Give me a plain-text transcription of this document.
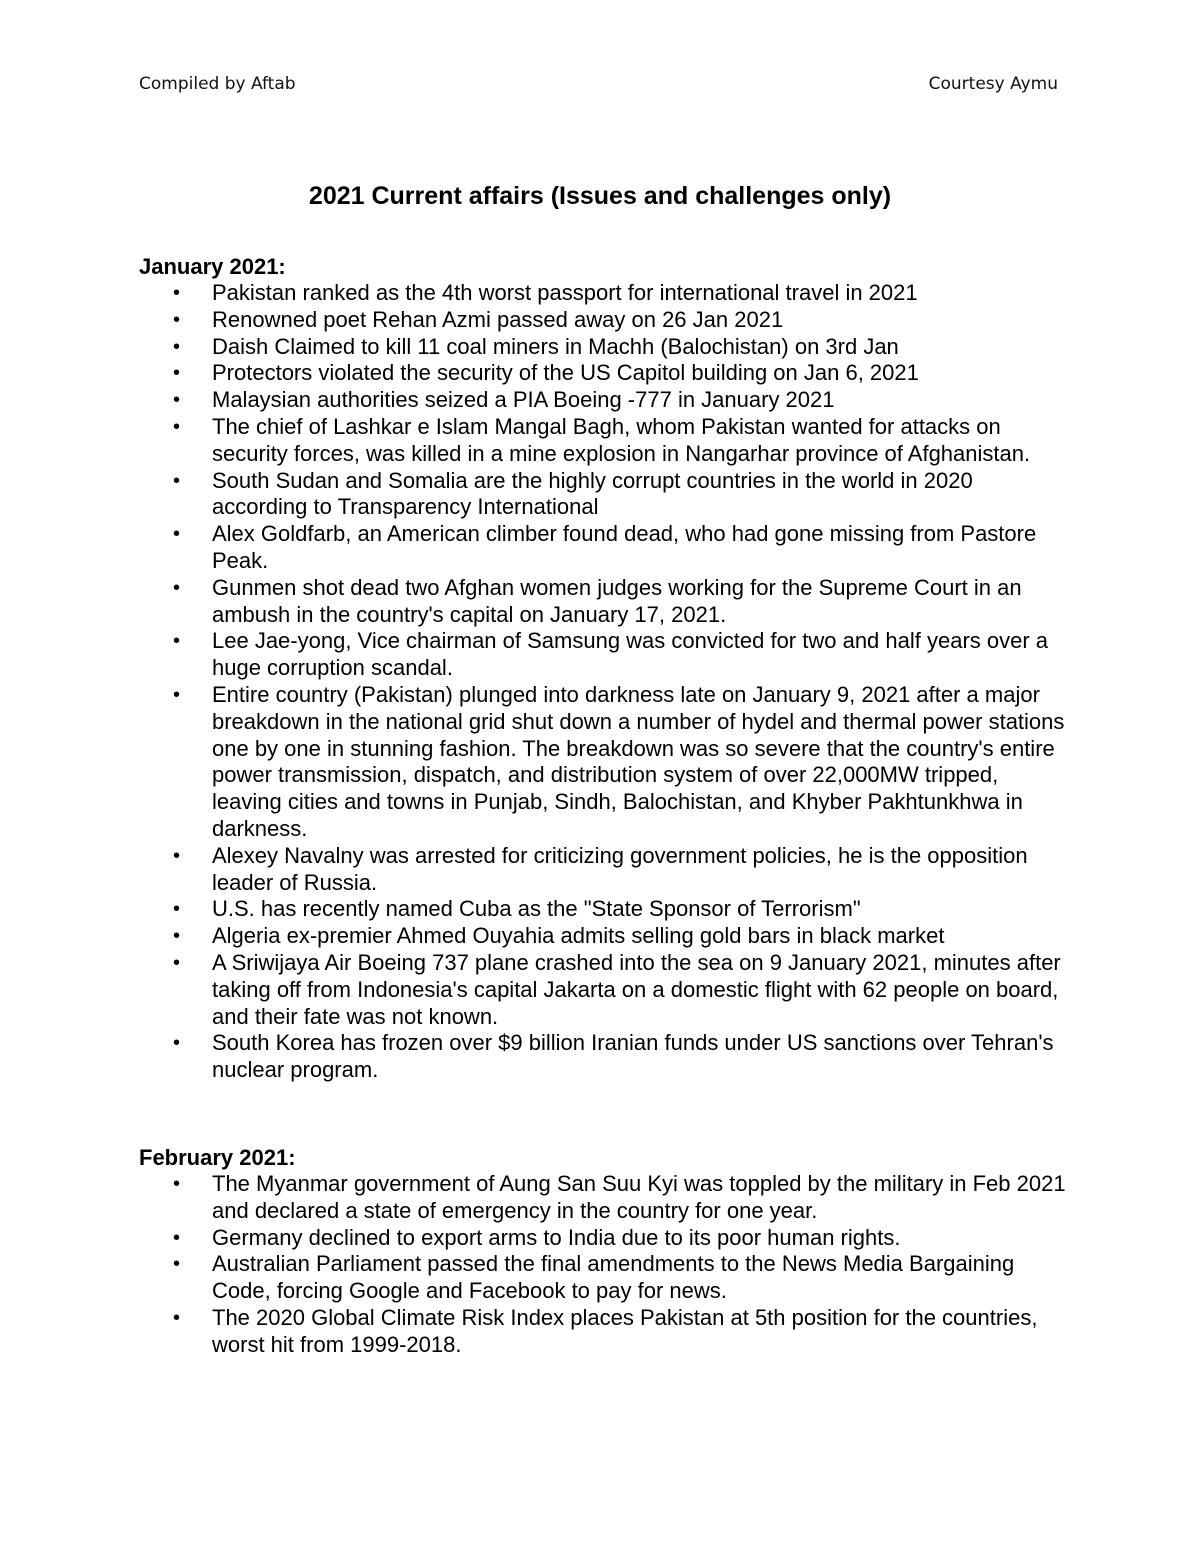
Compiled by Aftab	Courtesy Aymu
2021 Current affairs (Issues and challenges only)

January 2021:

• Pakistan ranked as the 4th worst passport for international travel in 2021
• Renowned poet Rehan Azmi passed away on 26 Jan 2021
• Daish Claimed to kill 11 coal miners in Machh (Balochistan) on 3rd Jan
• Protectors violated the security of the US Capitol building on Jan 6, 2021
• Malaysian authorities seized a PIA Boeing -777 in January 2021
• The chief of Lashkar e Islam Mangal Bagh, whom Pakistan wanted for attacks on security forces, was killed in a mine explosion in Nangarhar province of Afghanistan.
• South Sudan and Somalia are the highly corrupt countries in the world in 2020 according to Transparency International
• Alex Goldfarb, an American climber found dead, who had gone missing from Pastore Peak.
• Gunmen shot dead two Afghan women judges working for the Supreme Court in an ambush in the country's capital on January 17, 2021.
• Lee Jae-yong, Vice chairman of Samsung was convicted for two and half years over a huge corruption scandal.
• Entire country (Pakistan) plunged into darkness late on January 9, 2021 after a major breakdown in the national grid shut down a number of hydel and thermal power stations one by one in stunning fashion. The breakdown was so severe that the country's entire power transmission, dispatch, and distribution system of over 22,000MW tripped, leaving cities and towns in Punjab, Sindh, Balochistan, and Khyber Pakhtunkhwa in darkness.
• Alexey Navalny was arrested for criticizing government policies, he is the opposition leader of Russia.
• U.S. has recently named Cuba as the "State Sponsor of Terrorism"
• Algeria ex-premier Ahmed Ouyahia admits selling gold bars in black market
• A Sriwijaya Air Boeing 737 plane crashed into the sea on 9 January 2021, minutes after taking off from Indonesia's capital Jakarta on a domestic flight with 62 people on board, and their fate was not known.
• South Korea has frozen over $9 billion Iranian funds under US sanctions over Tehran's nuclear program.

February 2021:

• The Myanmar government of Aung San Suu Kyi was toppled by the military in Feb 2021 and declared a state of emergency in the country for one year.
• Germany declined to export arms to India due to its poor human rights.
• Australian Parliament passed the final amendments to the News Media Bargaining Code, forcing Google and Facebook to pay for news.
• The 2020 Global Climate Risk Index places Pakistan at 5th position for the countries, worst hit from 1999-2018.
